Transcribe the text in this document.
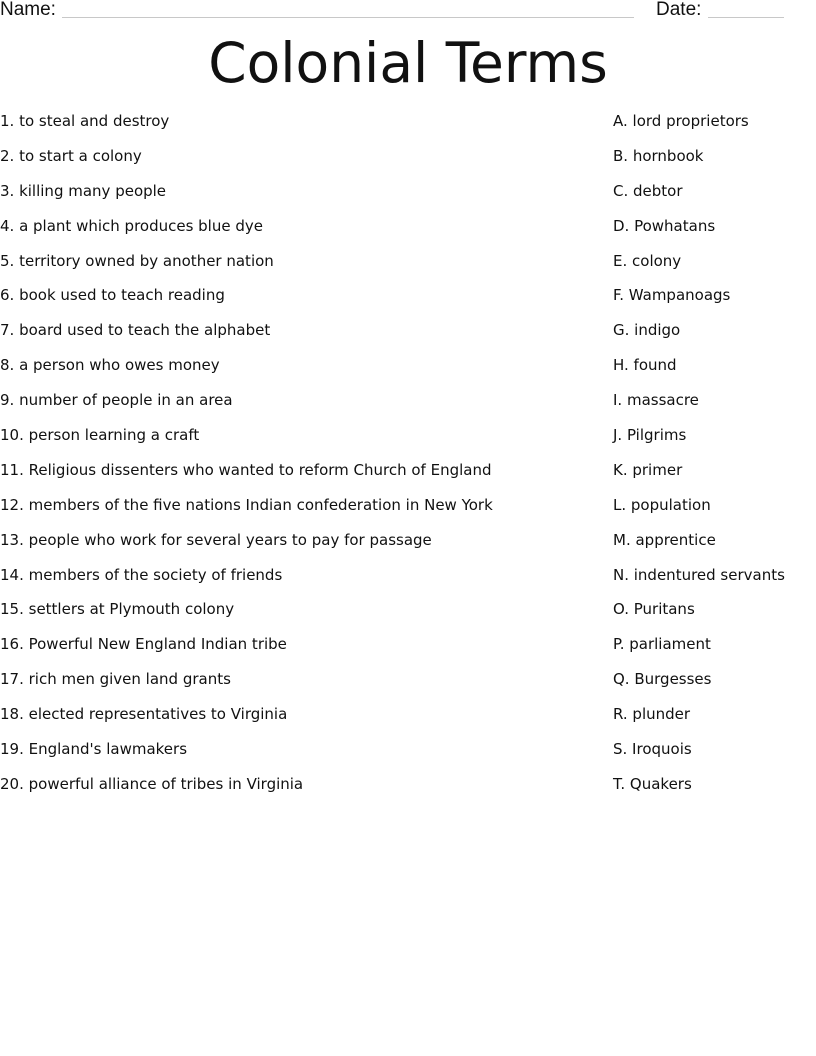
Name:	Date:
Colonial Terms
1. to steal and destroy
2. to start a colony
3. killing many people
4. a plant which produces blue dye
5. territory owned by another nation
6. book used to teach reading
7. board used to teach the alphabet
8. a person who owes money
9. number of people in an area
10. person learning a craft
11. Religious dissenters who wanted to reform Church of England
12. members of the five nations Indian confederation in New York
13. people who work for several years to pay for passage
14. members of the society of friends
15. settlers at Plymouth colony
16. Powerful New England Indian tribe
17. rich men given land grants
18. elected representatives to Virginia
19. England's lawmakers
20. powerful alliance of tribes in Virginia
A. lord proprietors
B. hornbook
C. debtor
D. Powhatans
E. colony
F. Wampanoags
G. indigo
H. found
I. massacre
J. Pilgrims
K. primer
L. population
M. apprentice
N. indentured servants
O. Puritans
P. parliament
Q. Burgesses
R. plunder
S. Iroquois
T. Quakers
